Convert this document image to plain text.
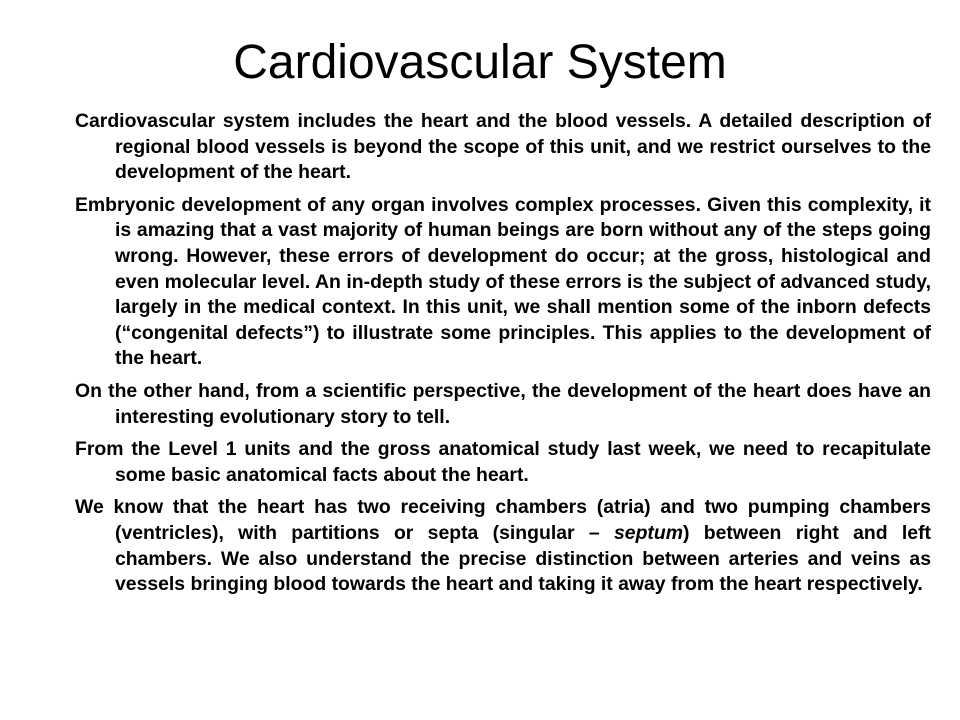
Cardiovascular System

Cardiovascular system includes the heart and the blood vessels. A detailed description of regional blood vessels is beyond the scope of this unit, and we restrict ourselves to the development of the heart.

Embryonic development of any organ involves complex processes. Given this complexity, it is amazing that a vast majority of human beings are born without any of the steps going wrong. However, these errors of development do occur; at the gross, histological and even molecular level. An in-depth study of these errors is the subject of advanced study, largely in the medical context. In this unit, we shall mention some of the inborn defects (“congenital defects”) to illustrate some principles. This applies to the development of the heart.

On the other hand, from a scientific perspective, the development of the heart does have an interesting evolutionary story to tell.

From the Level 1 units and the gross anatomical study last week, we need to recapitulate some basic anatomical facts about the heart.

We know that the heart has two receiving chambers (atria) and two pumping chambers (ventricles), with partitions or septa (singular – septum) between right and left chambers. We also understand the precise distinction between arteries and veins as vessels bringing blood towards the heart and taking it away from the heart respectively.
